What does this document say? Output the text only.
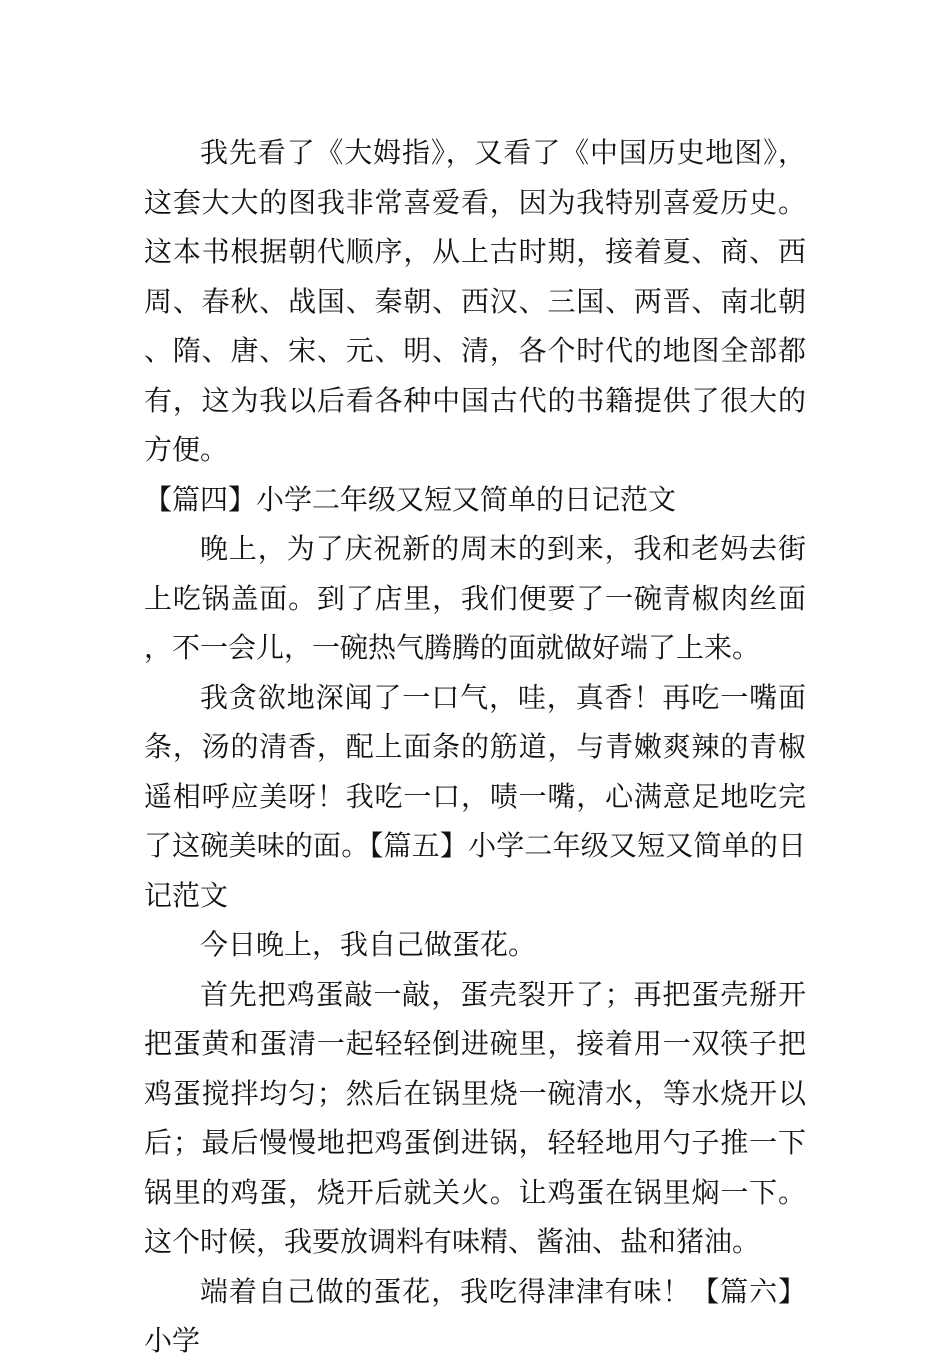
我先看了《大姆指》，又看了《中国历史地图》，这套大大的图我非常喜爱看，因为我特别喜爱历史。这本书根据朝代顺序，从上古时期，接着夏、商、西周、春秋、战国、秦朝、西汉、三国、两晋、南北朝、隋、唐、宋、元、明、清，各个时代的地图全部都有，这为我以后看各种中国古代的书籍提供了很大的方便。

【篇四】小学二年级又短又简单的日记范文

晚上，为了庆祝新的周末的到来，我和老妈去街上吃锅盖面。到了店里，我们便要了一碗青椒肉丝面，不一会儿，一碗热气腾腾的面就做好端了上来。

我贪欲地深闻了一口气，哇，真香！再吃一嘴面条，汤的清香，配上面条的筋道，与青嫩爽辣的青椒遥相呼应美呀！我吃一口，啧一嘴，心满意足地吃完了这碗美味的面。【篇五】小学二年级又短又简单的日记范文

今日晚上，我自己做蛋花。

首先把鸡蛋敲一敲，蛋壳裂开了；再把蛋壳掰开把蛋黄和蛋清一起轻轻倒进碗里，接着用一双筷子把鸡蛋搅拌均匀；然后在锅里烧一碗清水，等水烧开以后；最后慢慢地把鸡蛋倒进锅，轻轻地用勺子推一下锅里的鸡蛋，烧开后就关火。让鸡蛋在锅里焖一下。这个时候，我要放调料有味精、酱油、盐和猪油。

端着自己做的蛋花，我吃得津津有味！【篇六】小学
